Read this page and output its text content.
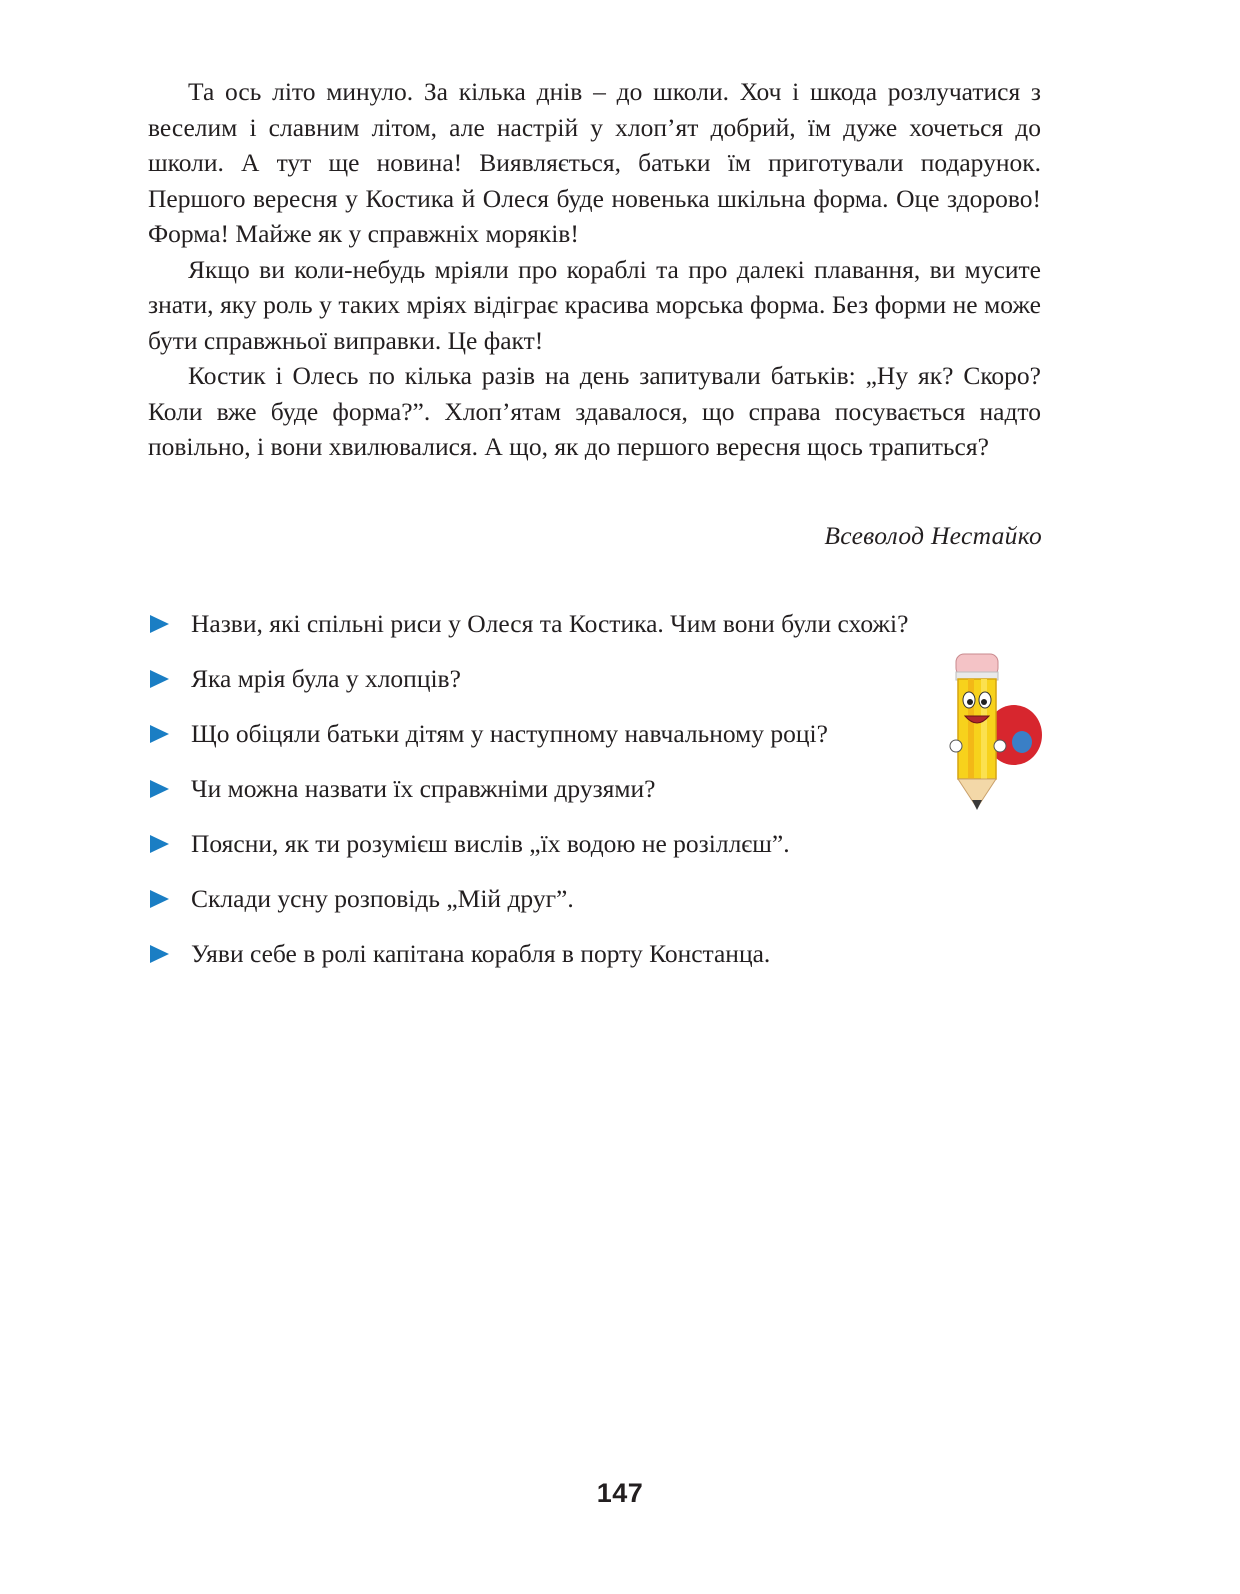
Та ось літо минуло. За кілька днів – до школи. Хоч і шкода розлучатися з веселим і славним літом, але настрій у хлоп’ят добрий, їм дуже хочеться до школи. А тут ще новина! Виявляється, батьки їм приготували подарунок. Першого вересня у Костика й Олеся буде новенька шкільна форма. Оце здорово! Форма! Майже як у справжніх моряків!

Якщо ви коли-небудь мріяли про кораблі та про далекі плавання, ви мусите знати, яку роль у таких мріях відіграє красива морська форма. Без форми не може бути справжньої виправки. Це факт!

Костик і Олесь по кілька разів на день запитували батьків: „Ну як? Скоро? Коли вже буде форма?”. Хлоп’ятам здавалося, що справа посувається надто повільно, і вони хвилювалися. А що, як до першого вересня щось трапиться?

Всеволод Нестайко
Назви, які спільні риси у Олеся та Костика. Чим вони були схожі?
Яка мрія була у хлопців?
Що обіцяли батьки дітям у наступному навчальному році?
Чи можна назвати їх справжніми друзями?
Поясни, як ти розумієш вислів „їх водою не розіллєш”.
Склади усну розповідь „Мій друг”.
Уяви себе в ролі капітана корабля в порту Констанца.
147
